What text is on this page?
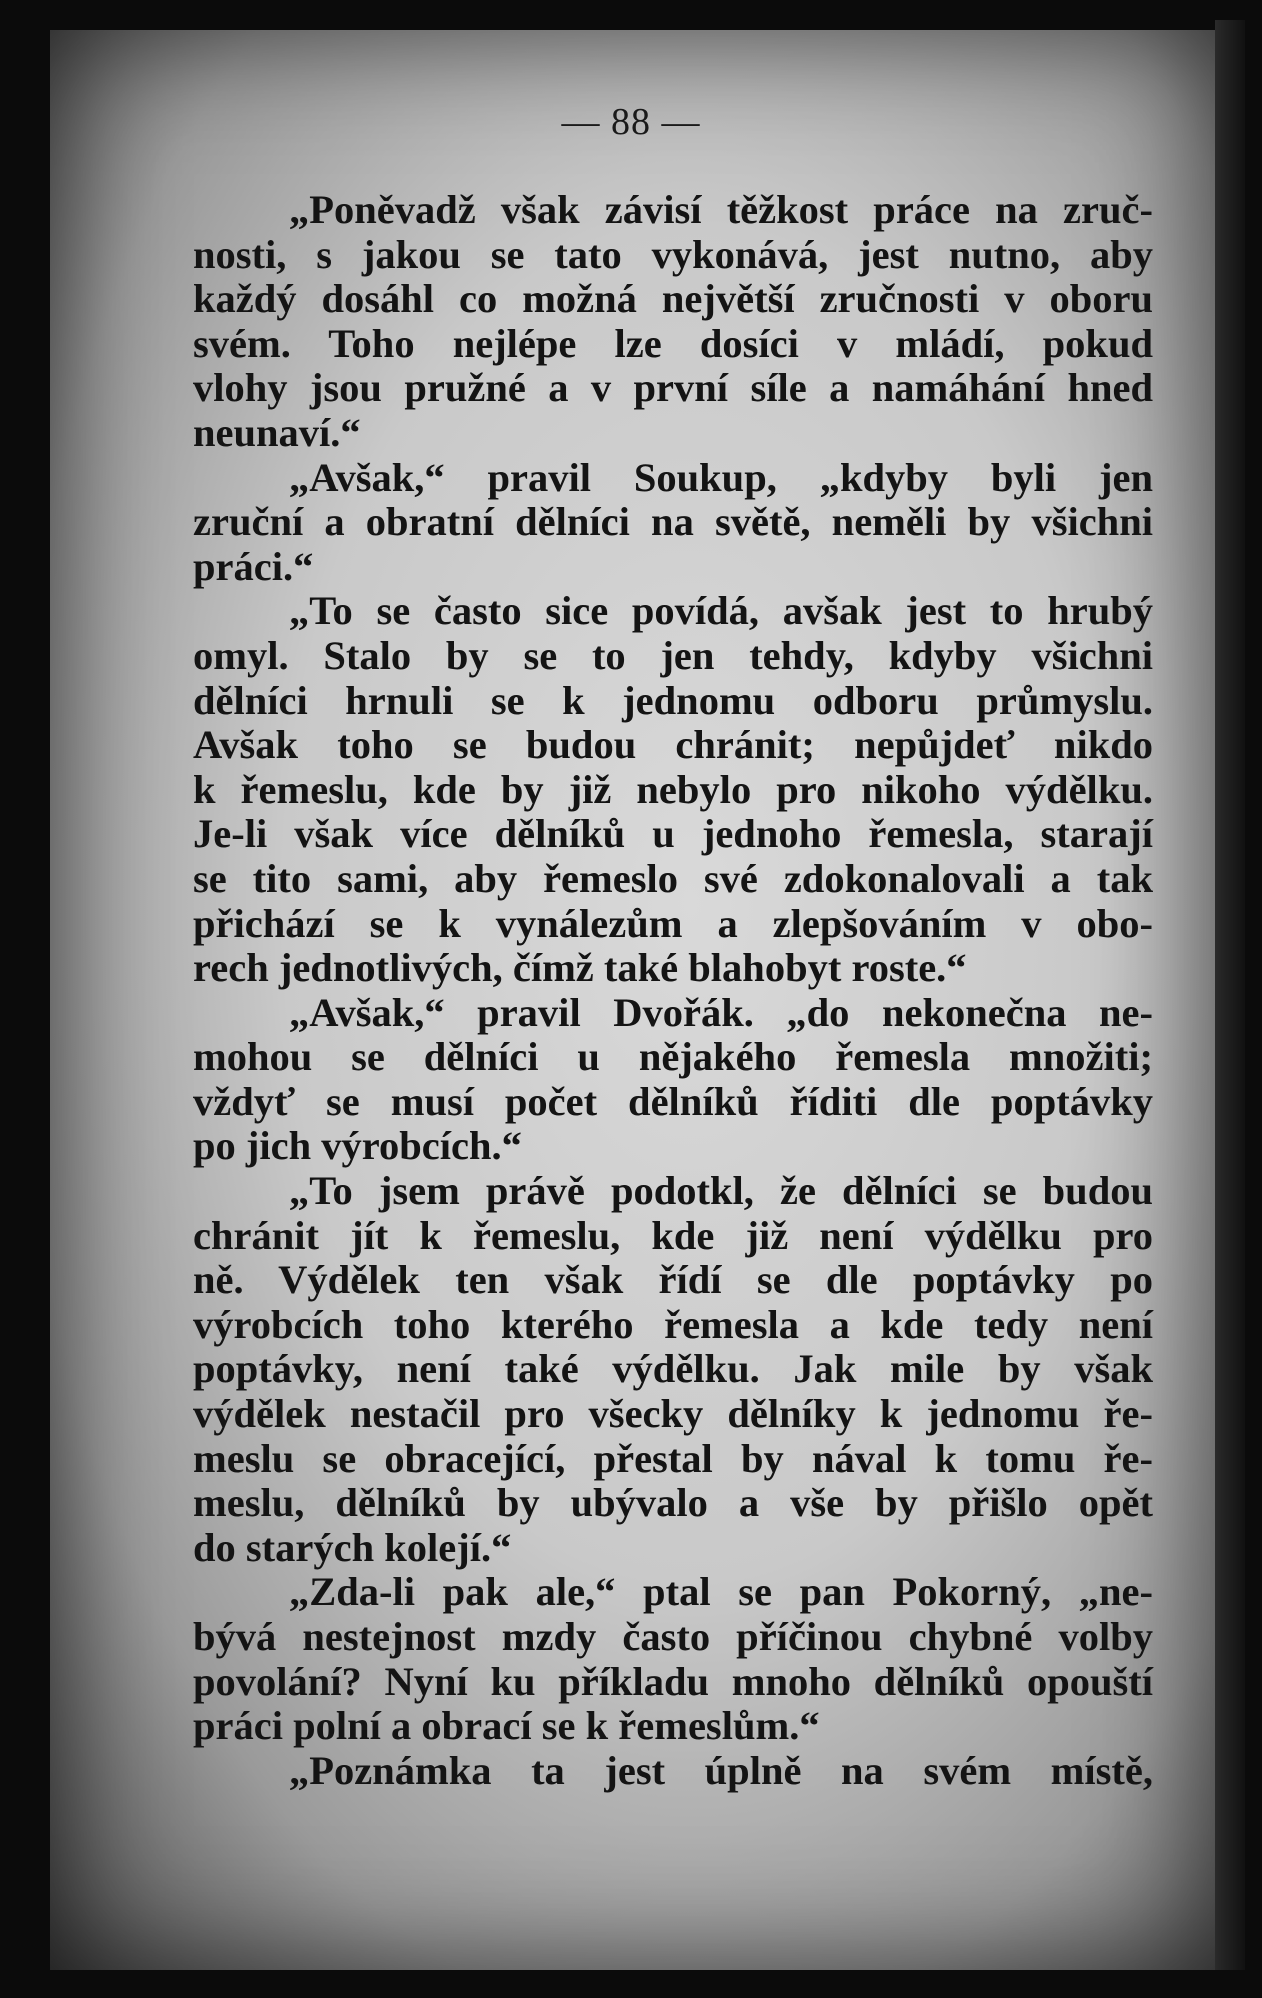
— 88 —
„Poněvadž však závisí těžkost práce na zruč-
nosti, s jakou se tato vykonává, jest nutno, aby
každý dosáhl co možná největší zručnosti v oboru
svém. Toho nejlépe lze dosíci v mládí, pokud
vlohy jsou pružné a v první síle a namáhání hned
neunaví.“
„Avšak,“ pravil Soukup, „kdyby byli jen
zruční a obratní dělníci na světě, neměli by všichni
práci.“
„To se často sice povídá, avšak jest to hrubý
omyl. Stalo by se to jen tehdy, kdyby všichni
dělníci hrnuli se k jednomu odboru průmyslu.
Avšak toho se budou chránit; nepůjdeť nikdo
k řemeslu, kde by již nebylo pro nikoho výdělku.
Je-li však více dělníků u jednoho řemesla, starají
se tito sami, aby řemeslo své zdokonalovali a tak
přichází se k vynálezům a zlepšováním v obo-
rech jednotlivých, čímž také blahobyt roste.“
„Avšak,“ pravil Dvořák. „do nekonečna ne-
mohou se dělníci u nějakého řemesla množiti;
vždyť se musí počet dělníků říditi dle poptávky
po jich výrobcích.“
„To jsem právě podotkl, že dělníci se budou
chránit jít k řemeslu, kde již není výdělku pro
ně. Výdělek ten však řídí se dle poptávky po
výrobcích toho kterého řemesla a kde tedy není
poptávky, není také výdělku. Jak mile by však
výdělek nestačil pro všecky dělníky k jednomu ře-
meslu se obracející, přestal by nával k tomu ře-
meslu, dělníků by ubývalo a vše by přišlo opět
do starých kolejí.“
„Zda-li pak ale,“ ptal se pan Pokorný, „ne-
bývá nestejnost mzdy často příčinou chybné volby
povolání? Nyní ku příkladu mnoho dělníků opouští
práci polní a obrací se k řemeslům.“
„Poznámka ta jest úplně na svém místě,
